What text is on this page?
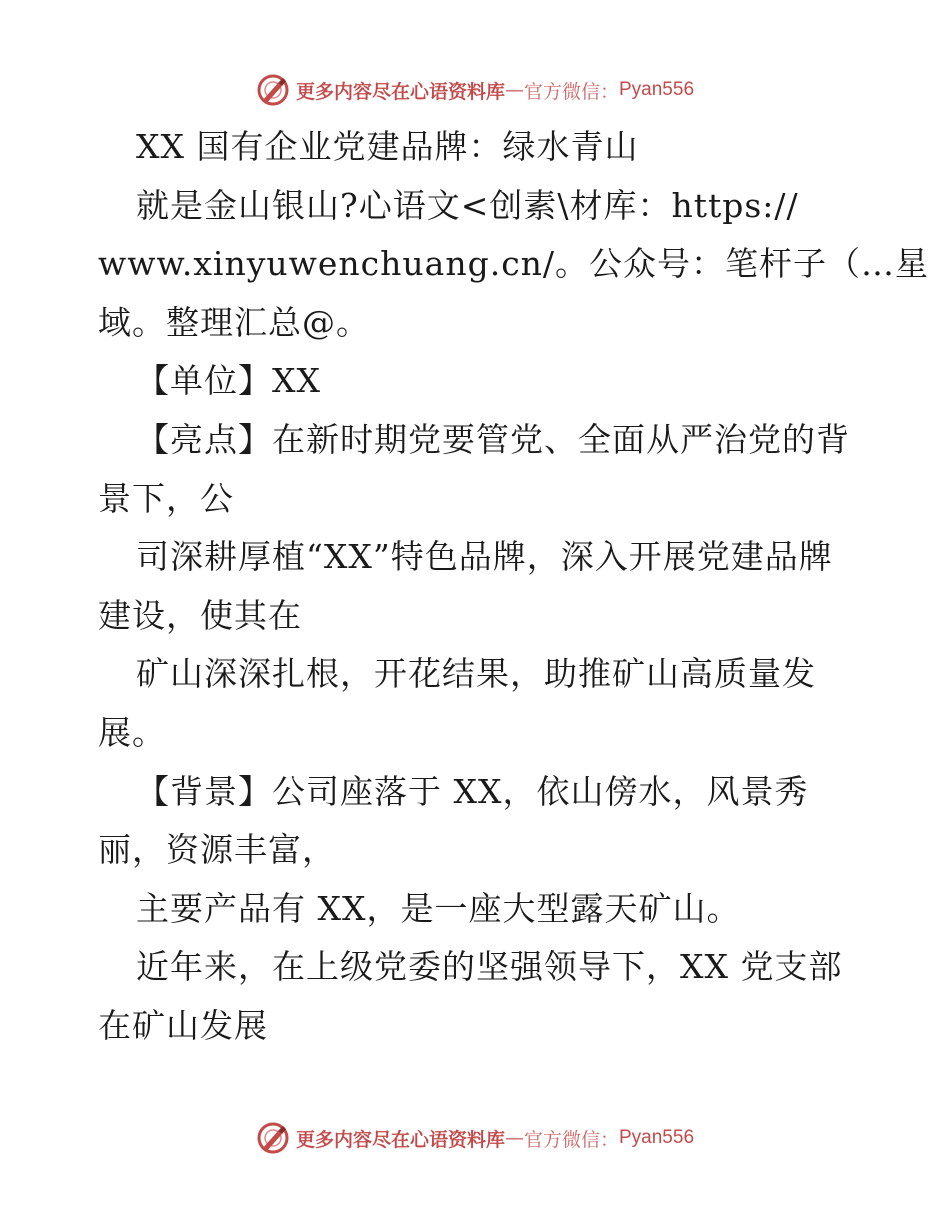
更多内容尽在心语资料库 — 官方微信： Pyan556
XX 国有企业党建品牌：绿水青山
就是金山银山?心语文<创素\材库：https://
www.xinyuwenchuang.cn/。公众号：笔杆子（…星
域。整理汇总@。
【单位】XX
【亮点】在新时期党要管党、全面从严治党的背
景下，公
司深耕厚植“XX”特色品牌，深入开展党建品牌
建设，使其在
矿山深深扎根，开花结果，助推矿山高质量发
展。
【背景】公司座落于 XX，依山傍水，风景秀
丽，资源丰富，
主要产品有 XX，是一座大型露天矿山。
近年来，在上级党委的坚强领导下，XX 党支部
在矿山发展
更多内容尽在心语资料库 — 官方微信： Pyan556
